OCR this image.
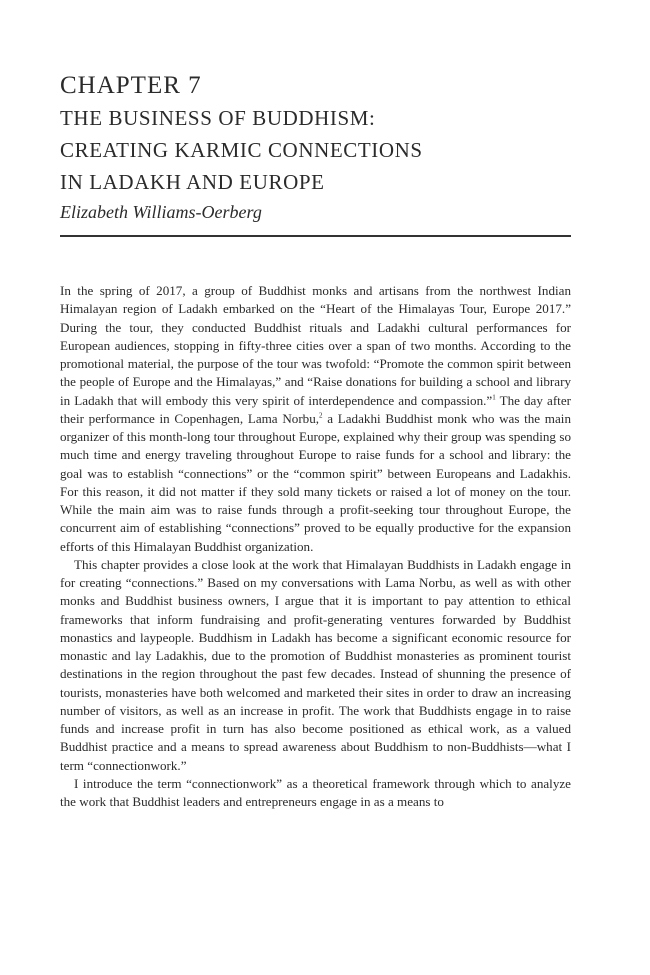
CHAPTER 7
THE BUSINESS OF BUDDHISM:
CREATING KARMIC CONNECTIONS
IN LADAKH AND EUROPE
Elizabeth Williams-Oerberg

In the spring of 2017, a group of Buddhist monks and artisans from the northwest Indian Himalayan region of Ladakh embarked on the “Heart of the Himalayas Tour, Europe 2017.” During the tour, they conducted Buddhist rituals and Ladakhi cultural performances for European audiences, stopping in fifty-three cities over a span of two months. According to the promotional material, the purpose of the tour was twofold: “Promote the common spirit between the people of Europe and the Himalayas,” and “Raise donations for building a school and library in Ladakh that will embody this very spirit of interdependence and compassion.”$^1$ The day after their performance in Copenhagen, Lama Norbu,$^2$ a Ladakhi Buddhist monk who was the main organizer of this month-long tour throughout Europe, explained why their group was spending so much time and energy traveling throughout Europe to raise funds for a school and library: the goal was to establish “connections” or the “common spirit” between Europeans and Ladakhis. For this reason, it did not matter if they sold many tickets or raised a lot of money on the tour. While the main aim was to raise funds through a profit-seeking tour throughout Europe, the concurrent aim of establishing “connections” proved to be equally productive for the expansion efforts of this Himalayan Buddhist organization.

This chapter provides a close look at the work that Himalayan Buddhists in Ladakh engage in for creating “connections.” Based on my conversations with Lama Norbu, as well as with other monks and Buddhist business owners, I argue that it is important to pay attention to ethical frameworks that inform fundraising and profit-generating ventures forwarded by Buddhist monastics and laypeople. Buddhism in Ladakh has become a significant economic resource for monastic and lay Ladakhis, due to the promotion of Buddhist monasteries as prominent tourist destinations in the region throughout the past few decades. Instead of shunning the presence of tourists, monasteries have both welcomed and marketed their sites in order to draw an increasing number of visitors, as well as an increase in profit. The work that Buddhists engage in to raise funds and increase profit in turn has also become positioned as ethical work, as a valued Buddhist practice and a means to spread awareness about Buddhism to non-Buddhists—what I term “connectionwork.”

I introduce the term “connectionwork” as a theoretical framework through which to analyze the work that Buddhist leaders and entrepreneurs engage in as a means to
